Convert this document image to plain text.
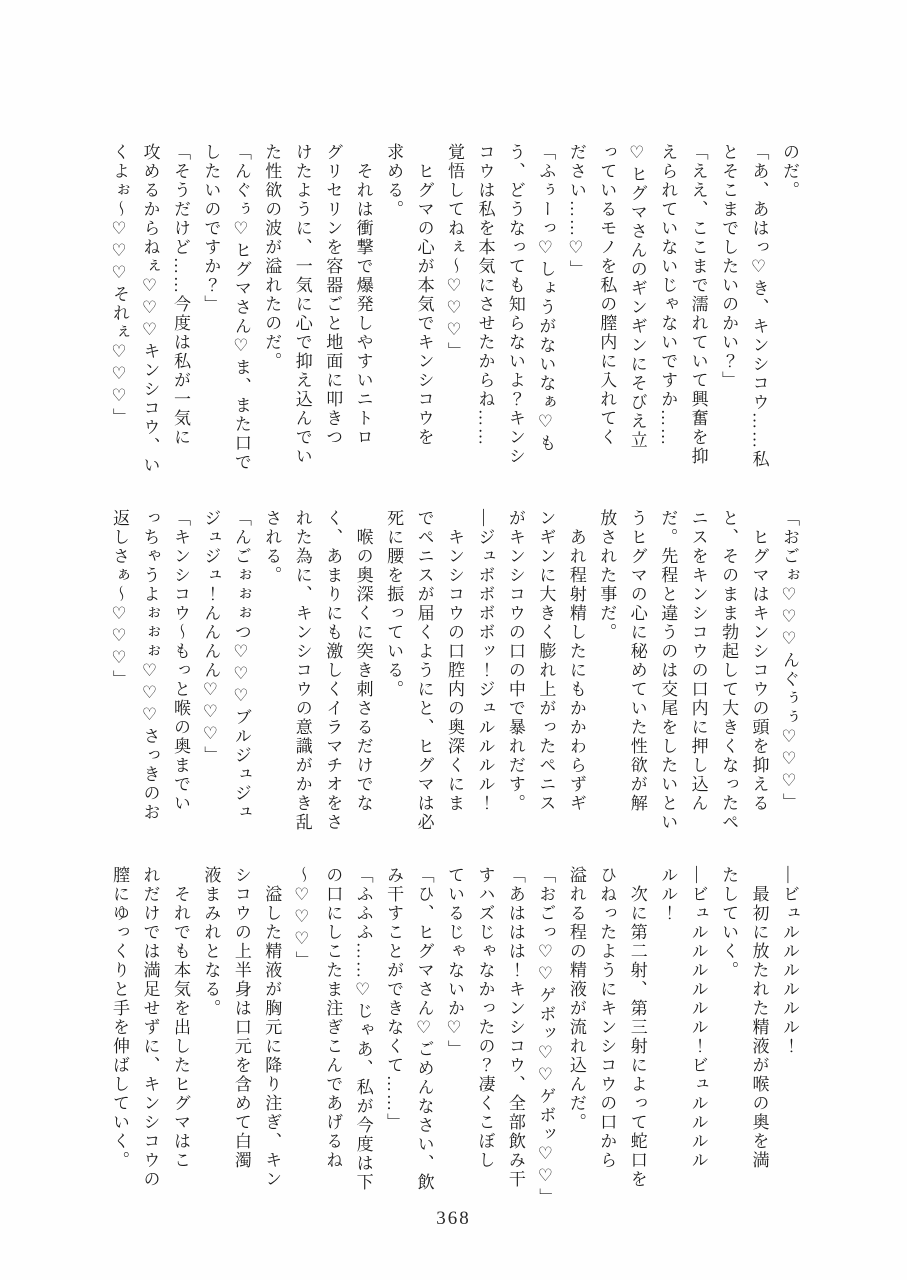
のだ。

「あ、あはっ♡き、キンシコウ……私

とそこまでしたいのかい？」

「ええ、ここまで濡れていて興奮を抑

えられていないじゃないですか……

♡ヒグマさんのギンギンにそびえ立

っているモノを私の膣内に入れてく

ださい……♡」

「ふぅーっ♡しょうがないなぁ♡も

う、どうなっても知らないよ？キンシ

コウは私を本気にさせたからね……

覚悟してねぇ〜♡♡♡」

　ヒグマの心が本気でキンシコウを

求める。

　それは衝撃で爆発しやすいニトロ

グリセリンを容器ごと地面に叩きつ

けたように、一気に心で抑え込んでい

た性欲の波が溢れたのだ。

「んぐぅ♡ヒグマさん♡ま、また口で

したいのですか？」

「そうだけど……今度は私が一気に

攻めるからねぇ♡♡♡キンシコウ、い

くよぉ〜♡♡♡それぇ♡♡♡」

「おごぉ♡♡♡んぐぅぅ♡♡♡」

　ヒグマはキンシコウの頭を抑える

と、そのまま勃起して大きくなったペ

ニスをキンシコウの口内に押し込ん

だ。先程と違うのは交尾をしたいとい

うヒグマの心に秘めていた性欲が解

放された事だ。

　あれ程射精したにもかかわらずギ

ンギンに大きく膨れ上がったペニス

がキンシコウの口の中で暴れだす。

―ジュボボボボッ！ジュルルルル！

　キンシコウの口腔内の奥深くにま

でペニスが届くようにと、ヒグマは必

死に腰を振っている。

　喉の奥深くに突き刺さるだけでな

く、あまりにも激しくイラマチオをさ

れた為に、キンシコウの意識がかき乱

される。

「んごぉぉぉつ♡♡♡ブルジュジュ

ジュジュ！んんんん♡♡♡」

「キンシコウ〜もっと喉の奥までい

っちゃうよぉぉぉ♡♡♡さっきのお

返しさぁ〜♡♡♡」

―ビュルルルルルル！

　最初に放たれた精液が喉の奥を満

たしていく。

―ビュルルルルルル！ビュルルルル

ルル！

　次に第二射、第三射によって蛇口を

ひねったようにキンシコウの口から

溢れる程の精液が流れ込んだ。

「おごっ♡♡ゲボッ♡♡ゲボッ♡♡」

「あははは！キンシコウ、全部飲み干

すハズじゃなかったの？凄くこぼし

ているじゃないか♡」

「ひ、ヒグマさん♡ごめんなさい、飲

み干すことができなくて……」

「ふふふ……♡じゃあ、私が今度は下

の口にしこたま注ぎこんであげるね

〜♡♡♡」

　溢した精液が胸元に降り注ぎ、キン

シコウの上半身は口元を含めて白濁

液まみれとなる。

　それでも本気を出したヒグマはこ

れだけでは満足せずに、キンシコウの

膣にゆっくりと手を伸ばしていく。

368
